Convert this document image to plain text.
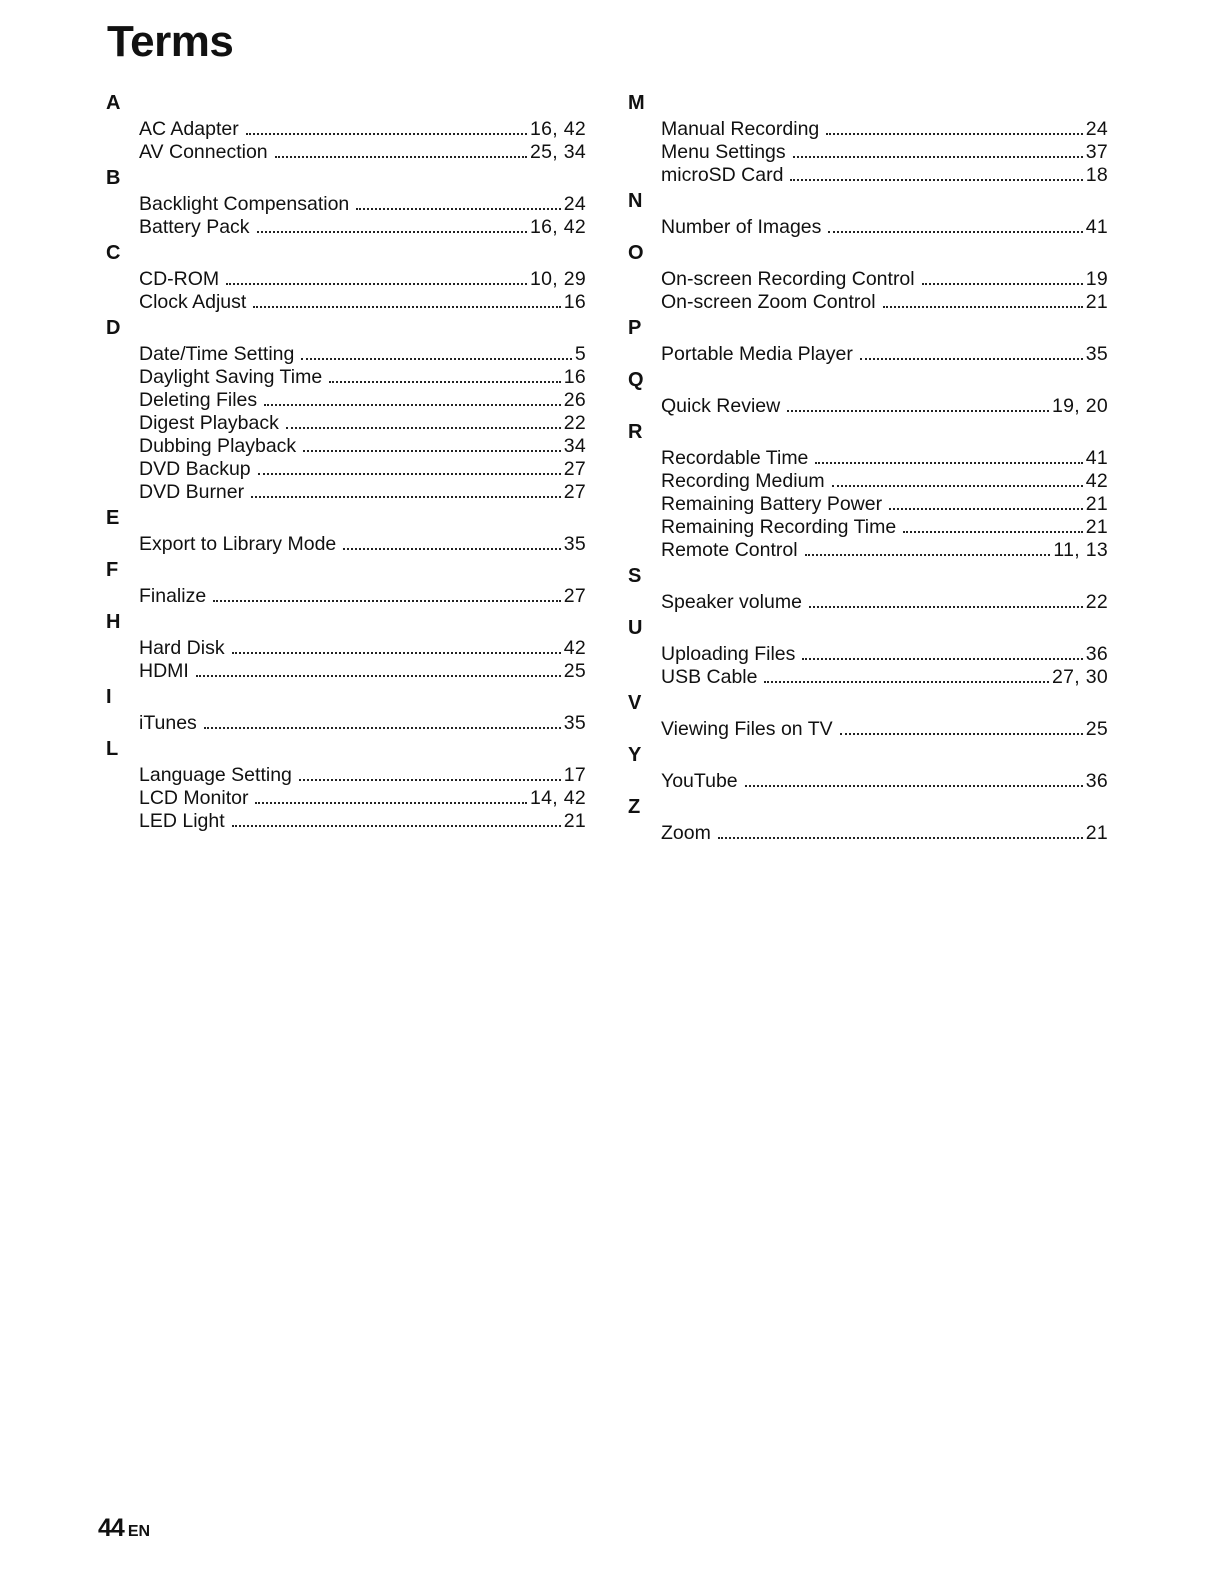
Terms
A
AC Adapter	16, 42
AV Connection	25, 34
B
Backlight Compensation	24
Battery Pack	16, 42
C
CD-ROM	10, 29
Clock Adjust	16
D
Date/Time Setting	5
Daylight Saving Time	16
Deleting Files	26
Digest Playback	22
Dubbing Playback	34
DVD Backup	27
DVD Burner	27
E
Export to Library Mode	35
F
Finalize	27
H
Hard Disk	42
HDMI	25
I
iTunes	35
L
Language Setting	17
LCD Monitor	14, 42
LED Light	21
M
Manual Recording	24
Menu Settings	37
microSD Card	18
N
Number of Images	41
O
On-screen Recording Control	19
On-screen Zoom Control	21
P
Portable Media Player	35
Q
Quick Review	19, 20
R
Recordable Time	41
Recording Medium	42
Remaining Battery Power	21
Remaining Recording Time	21
Remote Control	11, 13
S
Speaker volume	22
U
Uploading Files	36
USB Cable	27, 30
V
Viewing Files on TV	25
Y
YouTube	36
Z
Zoom	21
44 EN
